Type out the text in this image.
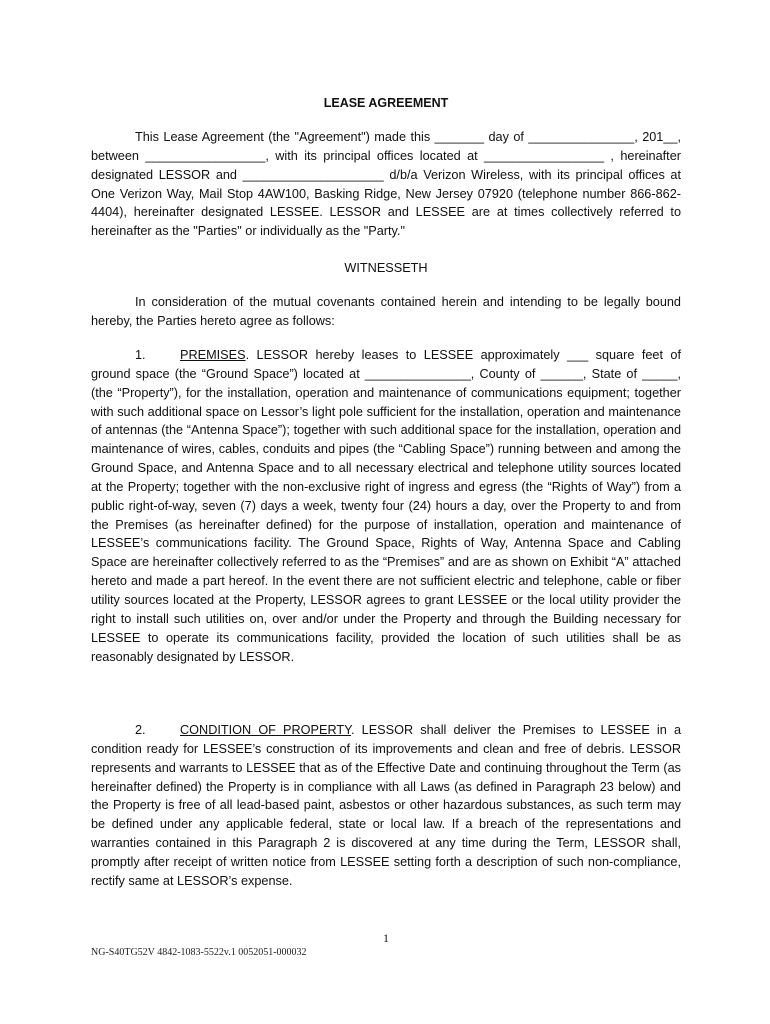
LEASE AGREEMENT

This Lease Agreement (the "Agreement") made this _______ day of _______________, 201__, between _________________, with its principal offices located at _________________ , hereinafter designated LESSOR and ____________________ d/b/a Verizon Wireless, with its principal offices at One Verizon Way, Mail Stop 4AW100, Basking Ridge, New Jersey 07920 (telephone number 866-862-4404), hereinafter designated LESSEE. LESSOR and LESSEE are at times collectively referred to hereinafter as the "Parties" or individually as the "Party."

WITNESSETH

In consideration of the mutual covenants contained herein and intending to be legally bound hereby, the Parties hereto agree as follows:

1.	PREMISES. LESSOR hereby leases to LESSEE approximately ___ square feet of ground space (the “Ground Space”) located at _______________, County of ______, State of _____, (the “Property”), for the installation, operation and maintenance of communications equipment; together with such additional space on Lessor’s light pole sufficient for the installation, operation and maintenance of antennas (the “Antenna Space”); together with such additional space for the installation, operation and maintenance of wires, cables, conduits and pipes (the “Cabling Space”) running between and among the Ground Space, and Antenna Space and to all necessary electrical and telephone utility sources located at the Property; together with the non-exclusive right of ingress and egress (the “Rights of Way”) from a public right-of-way, seven (7) days a week, twenty four (24) hours a day, over the Property to and from the Premises (as hereinafter defined) for the purpose of installation, operation and maintenance of LESSEE’s communications facility. The Ground Space, Rights of Way, Antenna Space and Cabling Space are hereinafter collectively referred to as the “Premises” and are as shown on Exhibit “A” attached hereto and made a part hereof. In the event there are not sufficient electric and telephone, cable or fiber utility sources located at the Property, LESSOR agrees to grant LESSEE or the local utility provider the right to install such utilities on, over and/or under the Property and through the Building necessary for LESSEE to operate its communications facility, provided the location of such utilities shall be as reasonably designated by LESSOR.

2.	CONDITION OF PROPERTY. LESSOR shall deliver the Premises to LESSEE in a condition ready for LESSEE’s construction of its improvements and clean and free of debris. LESSOR represents and warrants to LESSEE that as of the Effective Date and continuing throughout the Term (as hereinafter defined) the Property is in compliance with all Laws (as defined in Paragraph 23 below) and the Property is free of all lead-based paint, asbestos or other hazardous substances, as such term may be defined under any applicable federal, state or local law. If a breach of the representations and warranties contained in this Paragraph 2 is discovered at any time during the Term, LESSOR shall, promptly after receipt of written notice from LESSEE setting forth a description of such non-compliance, rectify same at LESSOR’s expense.

1
NG-S40TG52V 4842-1083-5522v.1 0052051-000032
